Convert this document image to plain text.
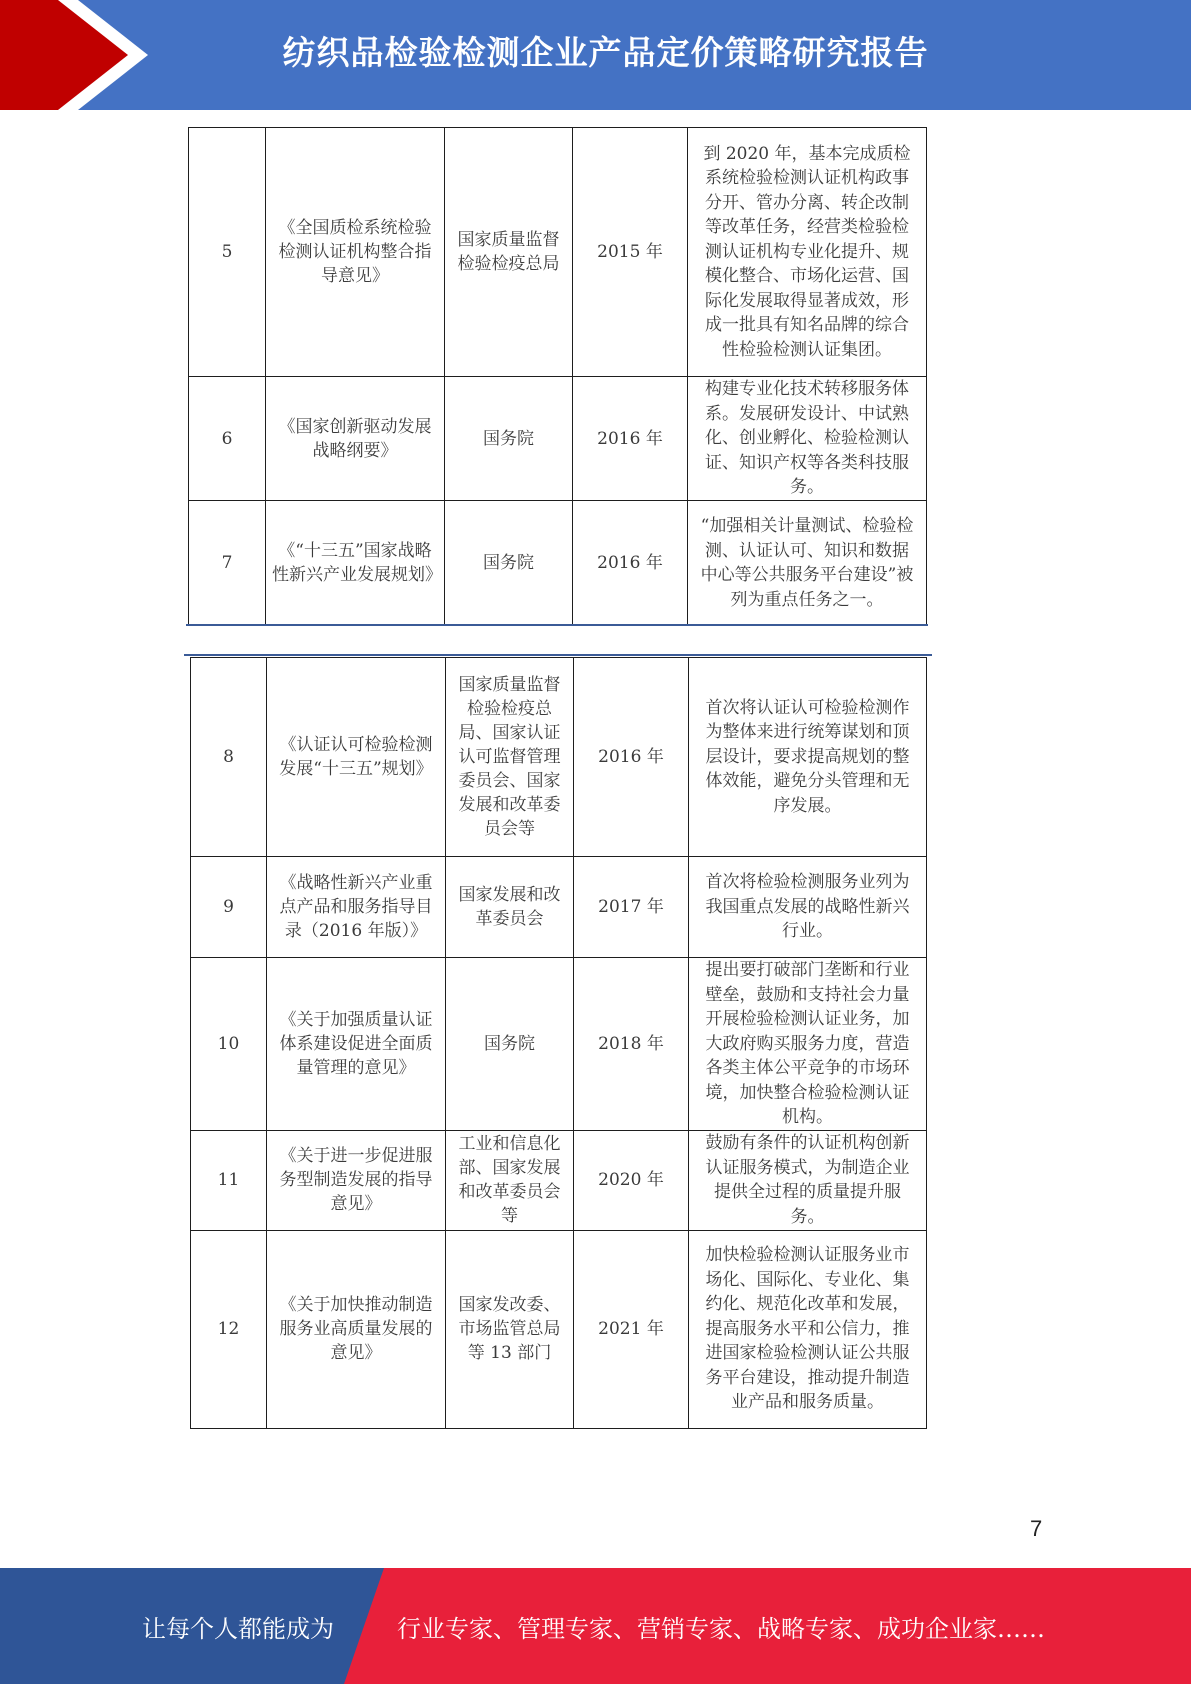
纺织品检验检测企业产品定价策略研究报告
5	《全国质检系统检验检测认证机构整合指导意见》	国家质量监督检验检疫总局	2015 年	到 2020 年，基本完成质检系统检验检测认证机构政事分开、管办分离、转企改制等改革任务，经营类检验检测认证机构专业化提升、规模化整合、市场化运营、国际化发展取得显著成效，形成一批具有知名品牌的综合性检验检测认证集团。
6	《国家创新驱动发展战略纲要》	国务院	2016 年	构建专业化技术转移服务体系。发展研发设计、中试熟化、创业孵化、检验检测认证、知识产权等各类科技服务。
7	《“十三五”国家战略性新兴产业发展规划》	国务院	2016 年	“加强相关计量测试、检验检测、认证认可、知识和数据中心等公共服务平台建设”被列为重点任务之一。
8	《认证认可检验检测发展“十三五”规划》	国家质量监督检验检疫总局、国家认证认可监督管理委员会、国家发展和改革委员会等	2016 年	首次将认证认可检验检测作为整体来进行统筹谋划和顶层设计，要求提高规划的整体效能，避免分头管理和无序发展。
9	《战略性新兴产业重点产品和服务指导目录（2016 年版）》	国家发展和改革委员会	2017 年	首次将检验检测服务业列为我国重点发展的战略性新兴行业。
10	《关于加强质量认证体系建设促进全面质量管理的意见》	国务院	2018 年	提出要打破部门垄断和行业壁垒，鼓励和支持社会力量开展检验检测认证业务，加大政府购买服务力度，营造各类主体公平竞争的市场环境，加快整合检验检测认证机构。
11	《关于进一步促进服务型制造发展的指导意见》	工业和信息化部、国家发展和改革委员会等	2020 年	鼓励有条件的认证机构创新认证服务模式，为制造企业提供全过程的质量提升服务。
12	《关于加快推动制造服务业高质量发展的意见》	国家发改委、市场监管总局等 13 部门	2021 年	加快检验检测认证服务业市场化、国际化、专业化、集约化、规范化改革和发展，提高服务水平和公信力，推进国家检验检测认证公共服务平台建设，推动提升制造业产品和服务质量。
7
让每个人都能成为	行业专家、管理专家、营销专家、战略专家、成功企业家……
